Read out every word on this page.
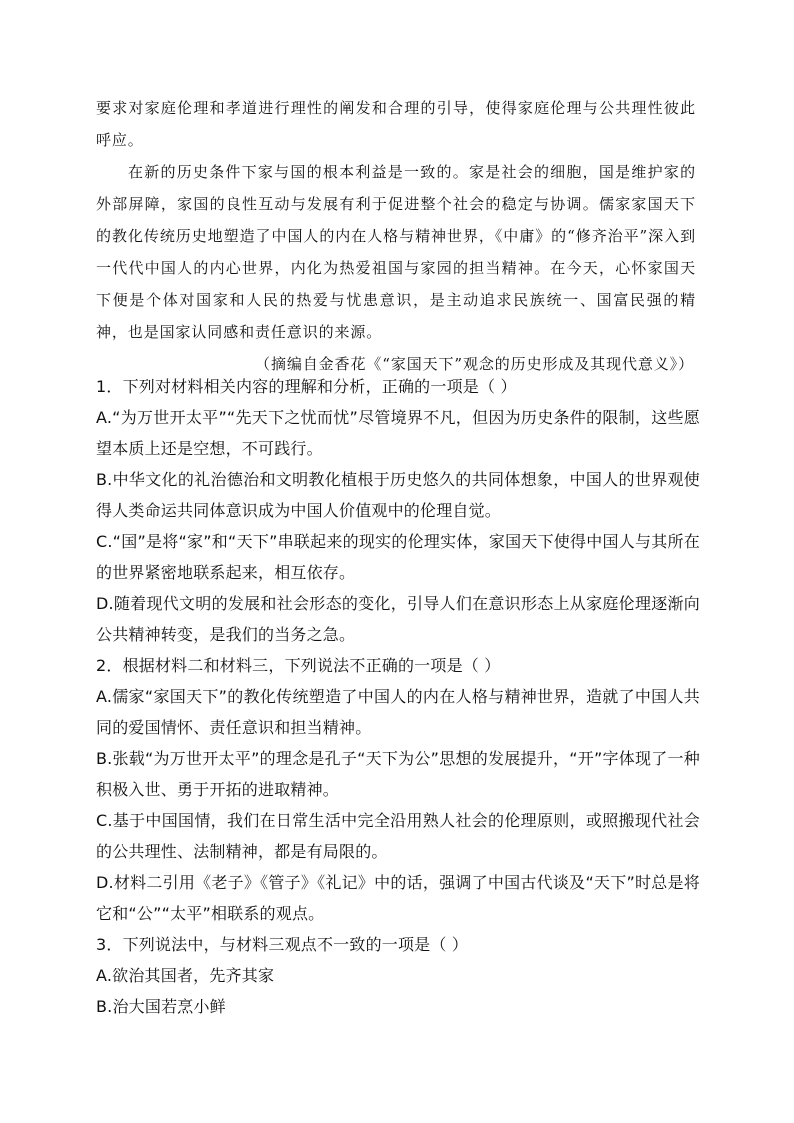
要求对家庭伦理和孝道进行理性的阐发和合理的引导，使得家庭伦理与公共理性彼此呼应。

在新的历史条件下家与国的根本利益是一致的。家是社会的细胞，国是维护家的外部屏障，家国的良性互动与发展有利于促进整个社会的稳定与协调。儒家家国天下的教化传统历史地塑造了中国人的内在人格与精神世界，《中庸》的“修齐治平”深入到一代代中国人的内心世界，内化为热爱祖国与家园的担当精神。在今天，心怀家国天下便是个体对国家和人民的热爱与忧患意识，是主动追求民族统一、国富民强的精神，也是国家认同感和责任意识的来源。

（摘编自金香花《“家国天下”观念的历史形成及其现代意义》）

1．下列对材料相关内容的理解和分析，正确的一项是（ ）

A.“为万世开太平”“先天下之忧而忧”尽管境界不凡，但因为历史条件的限制，这些愿望本质上还是空想，不可践行。

B.中华文化的礼治德治和文明教化植根于历史悠久的共同体想象，中国人的世界观使得人类命运共同体意识成为中国人价值观中的伦理自觉。

C.“国”是将“家”和“天下”串联起来的现实的伦理实体，家国天下使得中国人与其所在的世界紧密地联系起来，相互依存。

D.随着现代文明的发展和社会形态的变化，引导人们在意识形态上从家庭伦理逐渐向公共精神转变，是我们的当务之急。

2．根据材料二和材料三，下列说法不正确的一项是（ ）

A.儒家“家国天下”的教化传统塑造了中国人的内在人格与精神世界，造就了中国人共同的爱国情怀、责任意识和担当精神。

B.张载“为万世开太平”的理念是孔子“天下为公”思想的发展提升，“开”字体现了一种积极入世、勇于开拓的进取精神。

C.基于中国国情，我们在日常生活中完全沿用熟人社会的伦理原则，或照搬现代社会的公共理性、法制精神，都是有局限的。

D.材料二引用《老子》《管子》《礼记》中的话，强调了中国古代谈及“天下”时总是将它和“公”“太平”相联系的观点。

3．下列说法中，与材料三观点不一致的一项是（ ）

A.欲治其国者，先齐其家

B.治大国若烹小鲜
